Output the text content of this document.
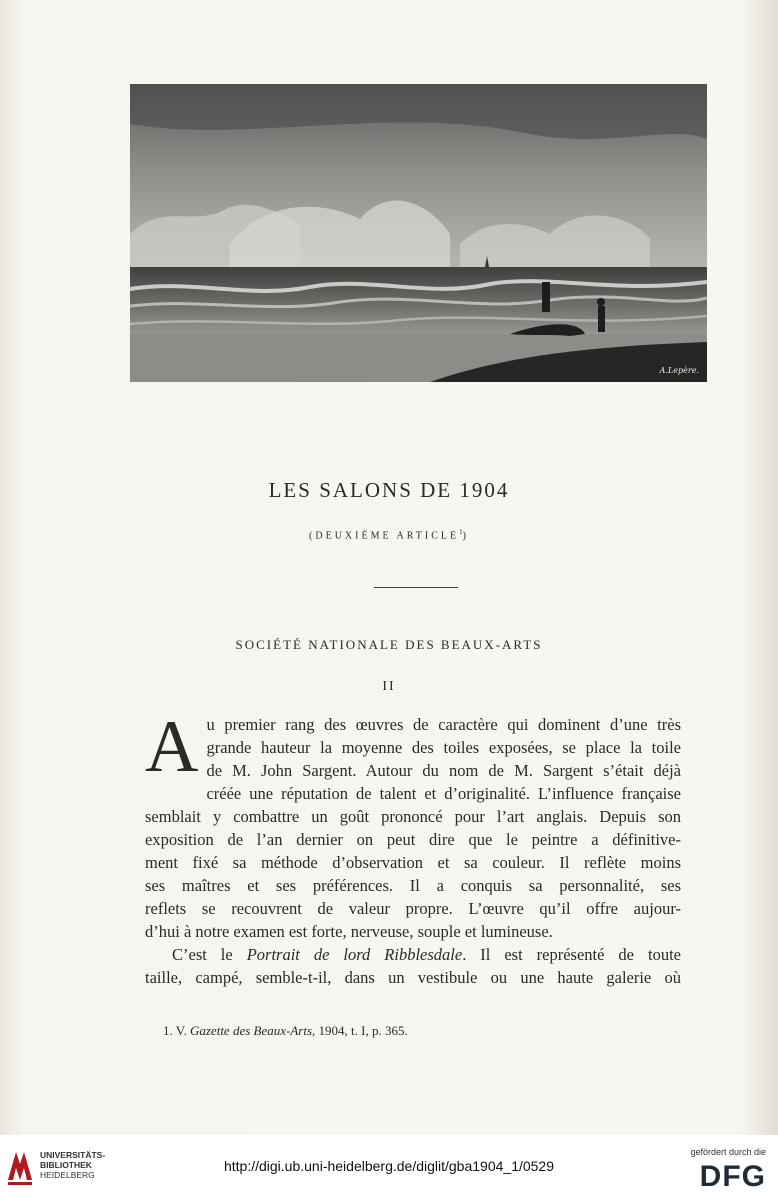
A.Lepère.
LES SALONS DE 1904
(DEUXIÈME ARTICLE$^1$)
SOCIÉTÉ NATIONALE DES BEAUX-ARTS
II
A u premier rang des œuvres de caractère qui dominent d’une très
grande hauteur la moyenne des toiles exposées, se place la toile
de M. John Sargent. Autour du nom de M. Sargent s’était déjà
créée une réputation de talent et d’originalité. L’influence française
semblait y combattre un goût prononcé pour l’art anglais. Depuis son
exposition de l’an dernier on peut dire que le peintre a définitive-
ment fixé sa méthode d’observation et sa couleur. Il reflète moins
ses maîtres et ses préférences. Il a conquis sa personnalité, ses
reflets se recouvrent de valeur propre. L’œuvre qu’il offre aujour-
d’hui à notre examen est forte, nerveuse, souple et lumineuse.
C’est le Portrait de lord Ribblesdale. Il est représenté de toute
taille, campé, semble-t-il, dans un vestibule ou une haute galerie où
1. V. Gazette des Beaux-Arts, 1904, t. I, p. 365.
UNIVERSITÄTS-
BIBLIOTHEK
HEIDELBERG
http://digi.ub.uni-heidelberg.de/diglit/gba1904_1/0529
gefördert durch die
DFG
